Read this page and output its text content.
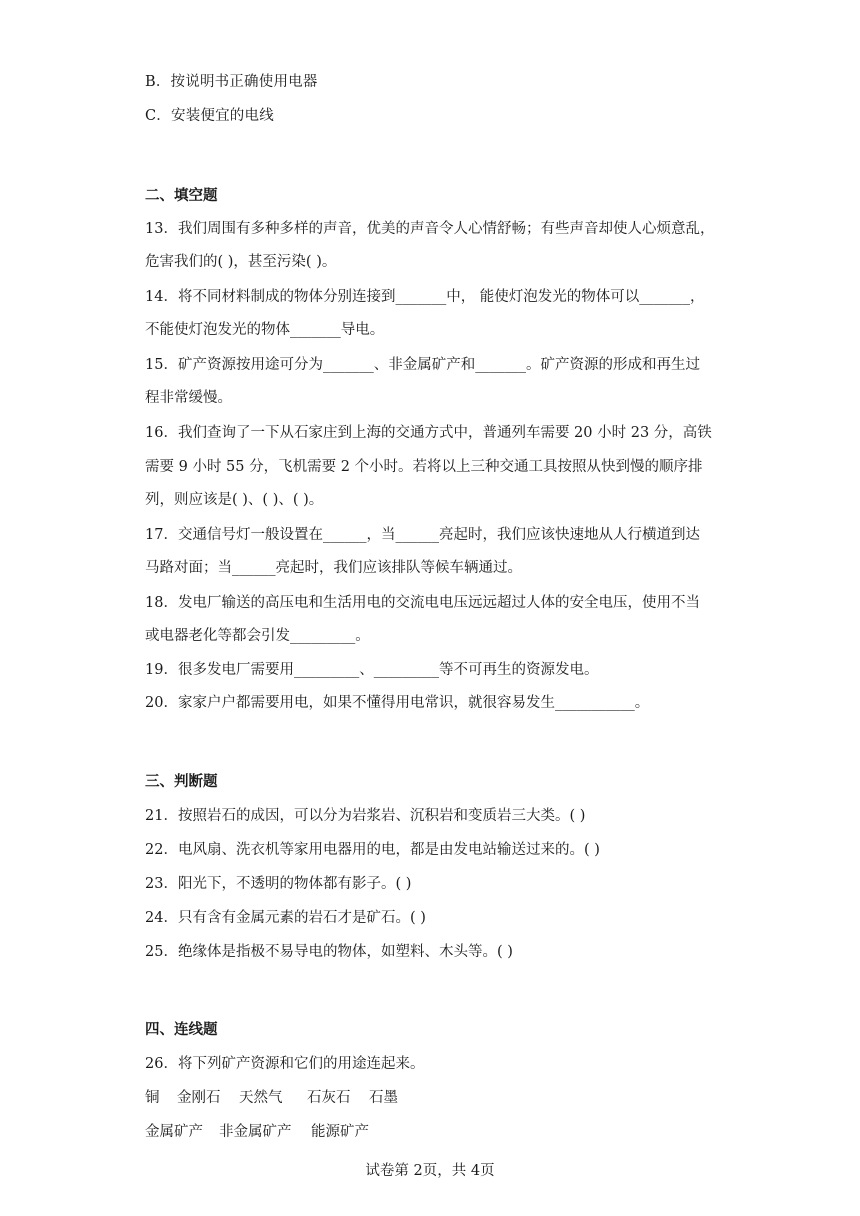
B．按说明书正确使用电器
C．安装便宜的电线
二、填空题
13．我们周围有多种多样的声音，优美的声音令人心情舒畅；有些声音却使人心烦意乱，
危害我们的( )，甚至污染( )。
14．将不同材料制成的物体分别连接到_______中， 能使灯泡发光的物体可以_______，
不能使灯泡发光的物体_______导电。
15．矿产资源按用途可分为_______、非金属矿产和_______。矿产资源的形成和再生过
程非常缓慢。
16．我们查询了一下从石家庄到上海的交通方式中，普通列车需要 20 小时 23 分，高铁
需要 9 小时 55 分，飞机需要 2 个小时。若将以上三种交通工具按照从快到慢的顺序排
列，则应该是( )、( )、( )。
17．交通信号灯一般设置在______，当______亮起时，我们应该快速地从人行横道到达
马路对面；当______亮起时，我们应该排队等候车辆通过。
18．发电厂输送的高压电和生活用电的交流电电压远远超过人体的安全电压，使用不当
或电器老化等都会引发_________。
19．很多发电厂需要用_________、_________等不可再生的资源发电。
20．家家户户都需要用电，如果不懂得用电常识，就很容易发生___________。
三、判断题
21．按照岩石的成因，可以分为岩浆岩、沉积岩和变质岩三大类。( )
22．电风扇、洗衣机等家用电器用的电，都是由发电站输送过来的。( )
23．阳光下，不透明的物体都有影子。( )
24．只有含有金属元素的岩石才是矿石。( )
25．绝缘体是指极不易导电的物体，如塑料、木头等。( )
四、连线题
26．将下列矿产资源和它们的用途连起来。
铜 金刚石 天然气 石灰石 石墨
金属矿产 非金属矿产 能源矿产
试卷第 2页，共 4页
